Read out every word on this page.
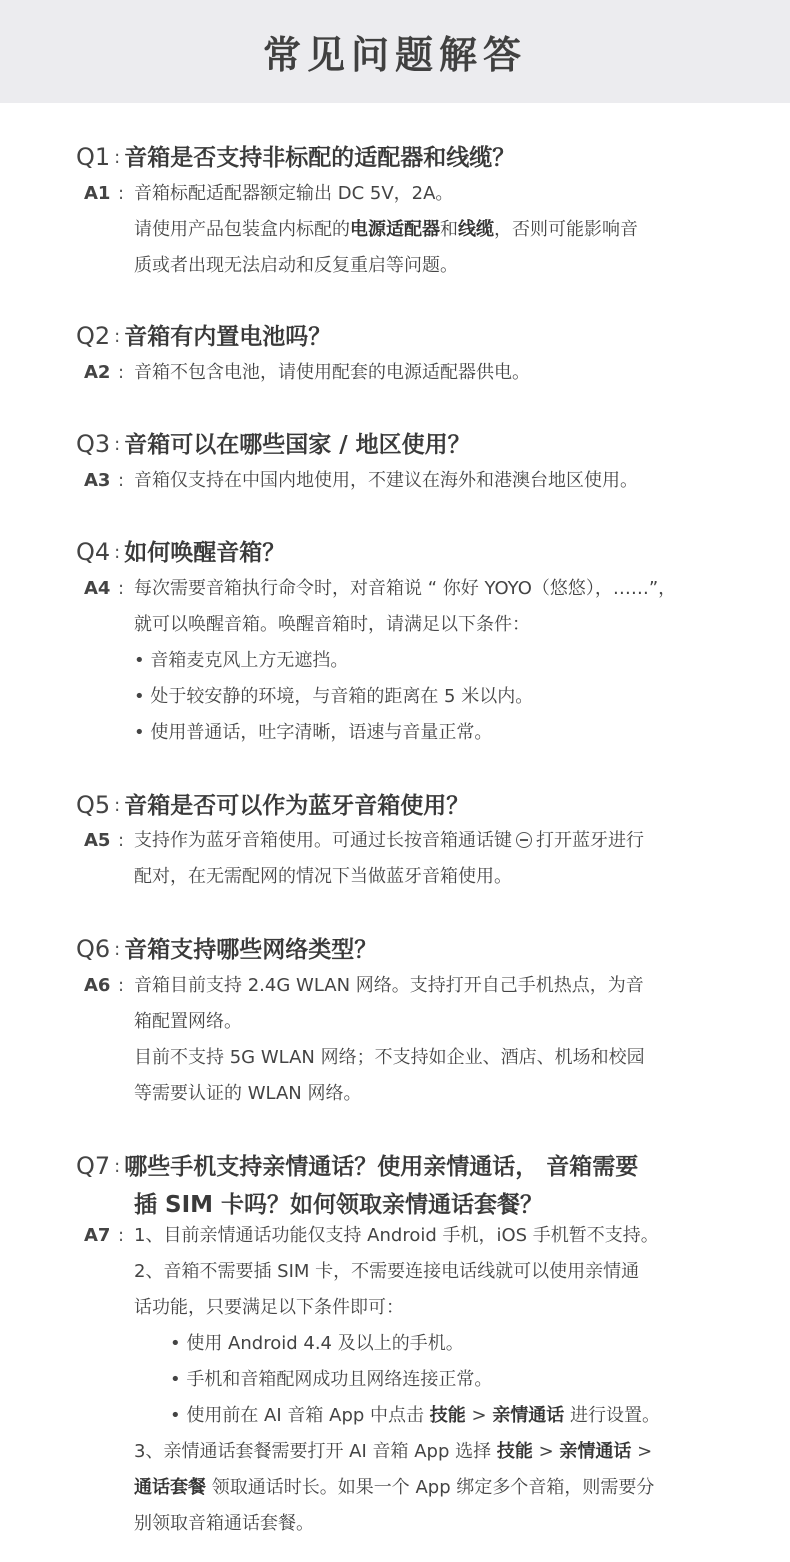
常见问题解答
Q1 : 音箱是否支持非标配的适配器和线缆？
A1 : 音箱标配适配器额定输出 DC 5V，2A。
请使用产品包装盒内标配的电源适配器和线缆，否则可能影响音
质或者出现无法启动和反复重启等问题。
Q2 : 音箱有内置电池吗？
A2 : 音箱不包含电池，请使用配套的电源适配器供电。
Q3 : 音箱可以在哪些国家 / 地区使用？
A3 : 音箱仅支持在中国内地使用，不建议在海外和港澳台地区使用。
Q4 : 如何唤醒音箱？
A4 : 每次需要音箱执行命令时，对音箱说 “ 你好 YOYO（悠悠），……”，
就可以唤醒音箱。唤醒音箱时，请满足以下条件：
• 音箱麦克风上方无遮挡。
• 处于较安静的环境，与音箱的距离在 5 米以内。
• 使用普通话，吐字清晰，语速与音量正常。
Q5 : 音箱是否可以作为蓝牙音箱使用？
A5 : 支持作为蓝牙音箱使用。可通过长按音箱通话键 打开蓝牙进行
配对，在无需配网的情况下当做蓝牙音箱使用。
Q6 : 音箱支持哪些网络类型？
A6 : 音箱目前支持 2.4G WLAN 网络。支持打开自己手机热点，为音
箱配置网络。
目前不支持 5G WLAN 网络；不支持如企业、酒店、机场和校园
等需要认证的 WLAN 网络。
Q7 : 哪些手机支持亲情通话？使用亲情通话， 音箱需要
插 SIM 卡吗？如何领取亲情通话套餐？
A7 : 1、目前亲情通话功能仅支持 Android 手机，iOS 手机暂不支持。
2、音箱不需要插 SIM 卡，不需要连接电话线就可以使用亲情通
话功能，只要满足以下条件即可：
• 使用 Android 4.4 及以上的手机。
• 手机和音箱配网成功且网络连接正常。
• 使用前在 AI 音箱 App 中点击 技能 > 亲情通话 进行设置。
3、亲情通话套餐需要打开 AI 音箱 App 选择 技能 > 亲情通话 >
通话套餐 领取通话时长。如果一个 App 绑定多个音箱，则需要分
别领取音箱通话套餐。
